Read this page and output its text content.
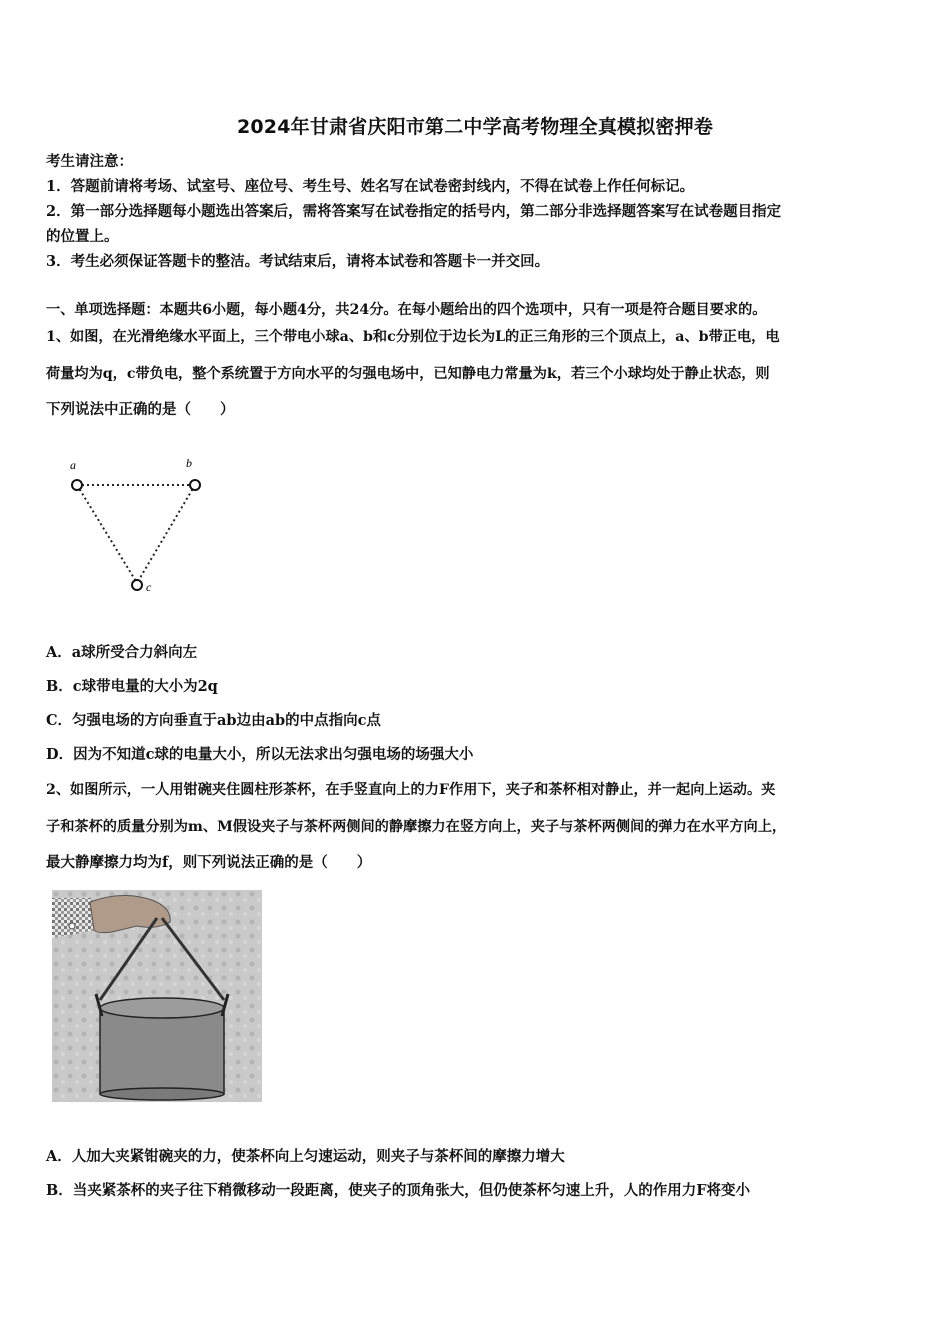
2024年甘肃省庆阳市第二中学高考物理全真模拟密押卷
考生请注意：
1．答题前请将考场、试室号、座位号、考生号、姓名写在试卷密封线内，不得在试卷上作任何标记。
2．第一部分选择题每小题选出答案后，需将答案写在试卷指定的括号内，第二部分非选择题答案写在试卷题目指定
的位置上。
3．考生必须保证答题卡的整洁。考试结束后，请将本试卷和答题卡一并交回。
一、单项选择题：本题共6小题，每小题4分，共24分。在每小题给出的四个选项中，只有一项是符合题目要求的。
1、如图，在光滑绝缘水平面上，三个带电小球a、b和c分别位于边长为L的正三角形的三个顶点上，a、b带正电，电
荷量均为q，c带负电，整个系统置于方向水平的匀强电场中，已知静电力常量为k，若三个小球均处于静止状态，则
下列说法中正确的是（　　）
a	b
c
A．a球所受合力斜向左
B．c球带电量的大小为2q
C．匀强电场的方向垂直于ab边由ab的中点指向c点
D．因为不知道c球的电量大小，所以无法求出匀强电场的场强大小
2、如图所示，一人用钳碗夹住圆柱形茶杯，在手竖直向上的力F作用下，夹子和茶杯相对静止，并一起向上运动。夹
子和茶杯的质量分别为m、M假设夹子与茶杯两侧间的静摩擦力在竖方向上，夹子与茶杯两侧间的弹力在水平方向上，
最大静摩擦力均为f，则下列说法正确的是（　　）
A．人加大夹紧钳碗夹的力，使茶杯向上匀速运动，则夹子与茶杯间的摩擦力增大
B．当夹紧茶杯的夹子往下稍微移动一段距离，使夹子的顶角张大，但仍使茶杯匀速上升，人的作用力F将变小
